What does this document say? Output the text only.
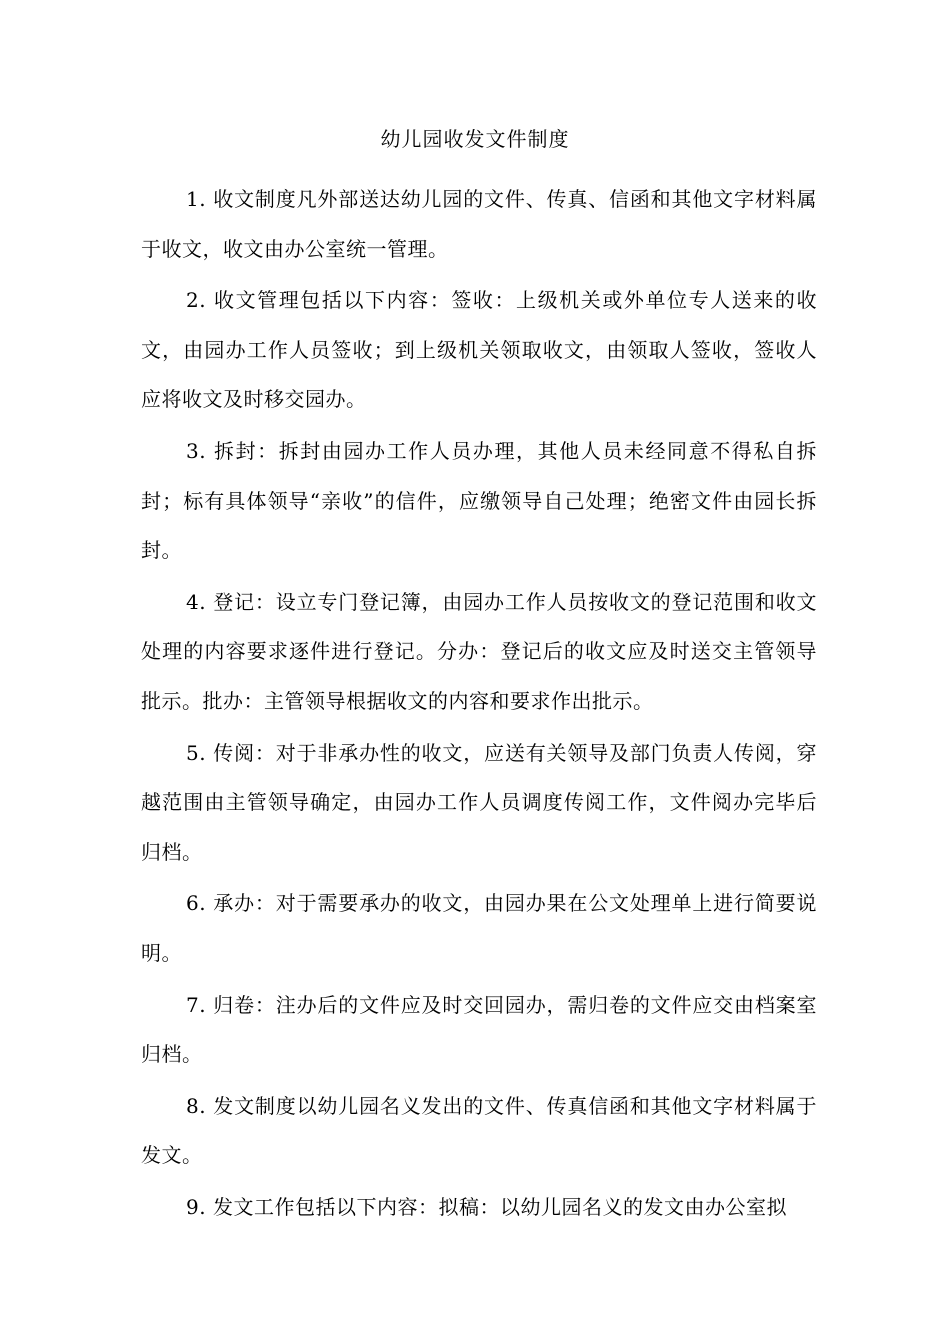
幼儿园收发文件制度

1. 收文制度凡外部送达幼儿园的文件、传真、信函和其他文字材料属于收文，收文由办公室统一管理。

2. 收文管理包括以下内容：签收：上级机关或外单位专人送来的收文，由园办工作人员签收；到上级机关领取收文，由领取人签收，签收人应将收文及时移交园办。

3. 拆封：拆封由园办工作人员办理，其他人员未经同意不得私自拆封；标有具体领导“亲收”的信件，应缴领导自己处理；绝密文件由园长拆封。

4. 登记：设立专门登记簿，由园办工作人员按收文的登记范围和收文处理的内容要求逐件进行登记。分办：登记后的收文应及时送交主管领导批示。批办：主管领导根据收文的内容和要求作出批示。

5. 传阅：对于非承办性的收文，应送有关领导及部门负责人传阅，穿越范围由主管领导确定，由园办工作人员调度传阅工作，文件阅办完毕后归档。

6. 承办：对于需要承办的收文，由园办果在公文处理单上进行简要说明。

7. 归卷：注办后的文件应及时交回园办，需归卷的文件应交由档案室归档。

8. 发文制度以幼儿园名义发出的文件、传真信函和其他文字材料属于发文。

9. 发文工作包括以下内容：拟稿：以幼儿园名义的发文由办公室拟
